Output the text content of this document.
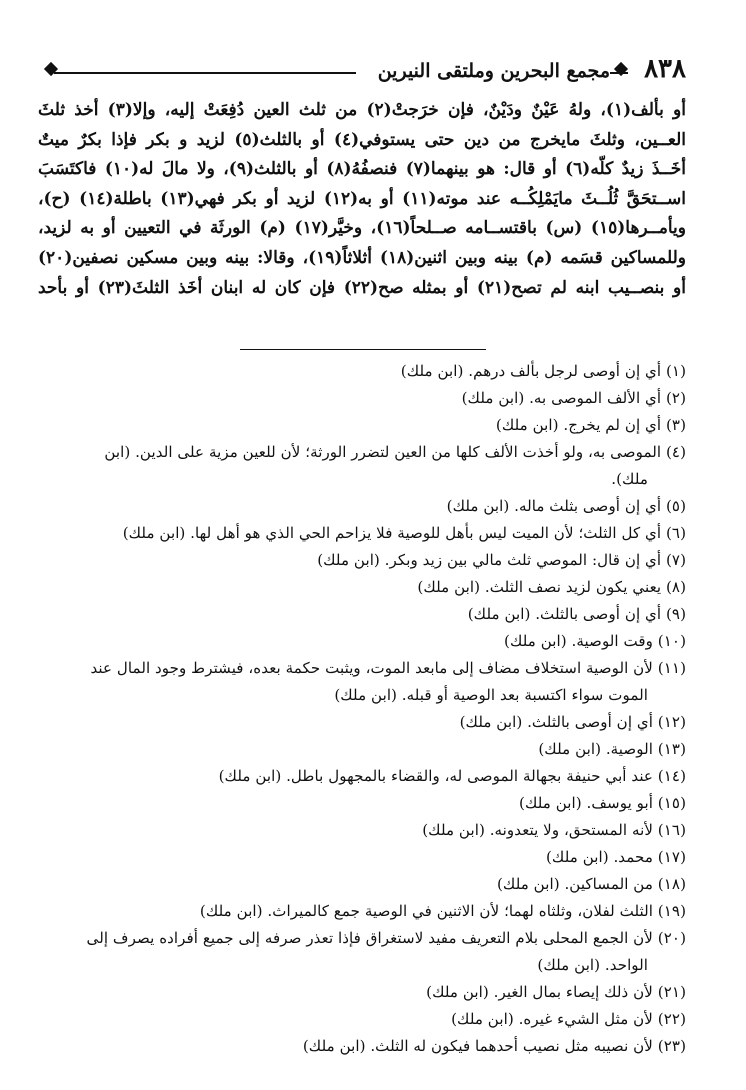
٨٣٨
مجمع البحرين وملتقى النيرين
أو بألف(١)، ولهُ عَيْنٌ ودَيْنٌ، فإن خرَجتْ(٢) من ثلث العين دُفِعَتْ إليه، وإلا(٣) أخذ ثلثَ
العــين، وثلثَ مايخرج من دين حتى يستوفي(٤) أو بالثلث(٥) لزيد و بكر فإذا بكرٌ ميتٌ
أخَــذَ زيدٌ كلّه(٦) أو قال: هو بينهما(٧) فنصفُهُ(٨) أو بالثلث(٩)، ولا مالَ له(١٠) فاكتَسَبَ
اســتحَقَّ ثُلُــثَ مايَمْلِكُــه عند موته(١١) أو به(١٢) لزيد أو بكر فهي(١٣) باطلة(١٤) (ح)،
ويأمــرها(١٥) (س) باقتســامه صــلحاً(١٦)، وخيَّر(١٧) (م) الورثَة في التعيين أو به لزيد،
وللمساكين قسَمه (م) بينه وبين اثنين(١٨) أثلاثاً(١٩)، وقالا: بينه وبين مسكين نصفين(٢٠)
أو بنصــيب ابنه لم تصح(٢١) أو بمثله صح(٢٢) فإن كان له ابنان أخَذ الثلثَ(٢٣) أو بأحد
(١) أي إن أوصى لرجل بألف درهم. (ابن ملك)
(٢) أي الألف الموصى به. (ابن ملك)
(٣) أي إن لم يخرج. (ابن ملك)
(٤) الموصى به، ولو أخذت الألف كلها من العين لتضرر الورثة؛ لأن للعين مزية على الدين. (ابن
ملك).
(٥) أي إن أوصى بثلث ماله. (ابن ملك)
(٦) أي كل الثلث؛ لأن الميت ليس بأهل للوصية فلا يزاحم الحي الذي هو أهل لها. (ابن ملك)
(٧) أي إن قال: الموصي ثلث مالي بين زيد وبكر. (ابن ملك)
(٨) يعني يكون لزيد نصف الثلث. (ابن ملك)
(٩) أي إن أوصى بالثلث. (ابن ملك)
(١٠) وقت الوصية. (ابن ملك)
(١١) لأن الوصية استخلاف مضاف إلى مابعد الموت، ويثبت حكمة بعده، فيشترط وجود المال عند
الموت سواء اكتسبة بعد الوصية أو قبله. (ابن ملك)
(١٢) أي إن أوصى بالثلث. (ابن ملك)
(١٣) الوصية. (ابن ملك)
(١٤) عند أبي حنيفة بجهالة الموصى له، والقضاء بالمجهول باطل. (ابن ملك)
(١٥) أبو يوسف. (ابن ملك)
(١٦) لأنه المستحق، ولا يتعدونه. (ابن ملك)
(١٧) محمد. (ابن ملك)
(١٨) من المساكين. (ابن ملك)
(١٩) الثلث لفلان، وثلثاه لهما؛ لأن الاثنين في الوصية جمع كالميراث. (ابن ملك)
(٢٠) لأن الجمع المحلى بلام التعريف مفيد لاستغراق فإذا تعذر صرفه إلى جميع أفراده يصرف إلى
الواحد. (ابن ملك)
(٢١) لأن ذلك إيصاء بمال الغير. (ابن ملك)
(٢٢) لأن مثل الشيء غيره. (ابن ملك)
(٢٣) لأن نصيبه مثل نصيب أحدهما فيكون له الثلث. (ابن ملك)
